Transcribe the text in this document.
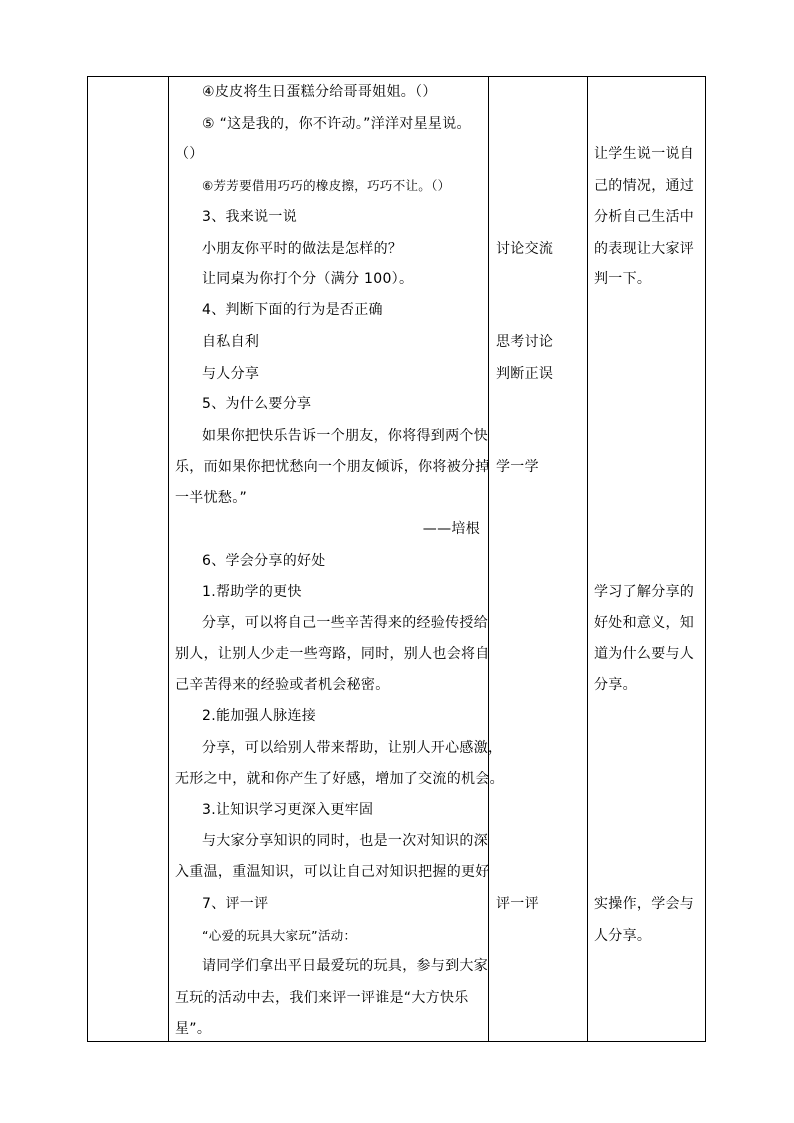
④皮皮将生日蛋糕分给哥哥姐姐。（）
⑤ “这是我的，你不许动。”洋洋对星星说。
（）
⑥芳芳要借用巧巧的橡皮擦，巧巧不让。（）
3、我来说一说
小朋友你平时的做法是怎样的？
让同桌为你打个分（满分 100）。
4、判断下面的行为是否正确
自私自利
与人分享
5、为什么要分享
如果你把快乐告诉一个朋友，你将得到两个快
乐，而如果你把忧愁向一个朋友倾诉，你将被分掉
一半忧愁。”
——培根
6、学会分享的好处
1.帮助学的更快
分享，可以将自己一些辛苦得来的经验传授给
别人，让别人少走一些弯路，同时，别人也会将自
己辛苦得来的经验或者机会秘密。
2.能加强人脉连接
分享，可以给别人带来帮助，让别人开心感激，
无形之中，就和你产生了好感，增加了交流的机会。
3.让知识学习更深入更牢固
与大家分享知识的同时，也是一次对知识的深
入重温，重温知识，可以让自己对知识把握的更好
7、评一评
“心爱的玩具大家玩”活动：
请同学们拿出平日最爱玩的玩具，参与到大家
互玩的活动中去，我们来评一评谁是“大方快乐
星”。
讨论交流
思考讨论
判断正误
学一学
评一评
让学生说一说自
己的情况，通过
分析自己生活中
的表现让大家评
判一下。
学习了解分享的
好处和意义，知
道为什么要与人
分享。
实操作，学会与
人分享。
